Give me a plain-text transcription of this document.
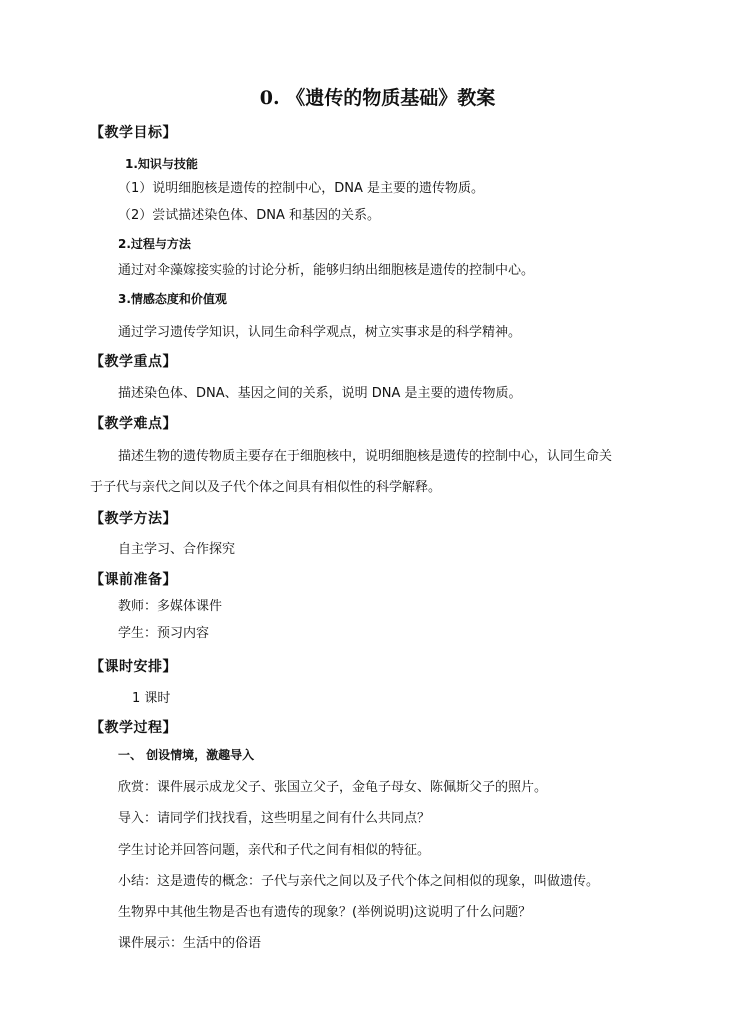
0. 《遗传的物质基础》教案
【教学目标】
1.知识与技能
（1）说明细胞核是遗传的控制中心，DNA 是主要的遗传物质。
（2）尝试描述染色体、DNA 和基因的关系。
2.过程与方法
通过对伞藻嫁接实验的讨论分析，能够归纳出细胞核是遗传的控制中心。
3.情感态度和价值观
通过学习遗传学知识，认同生命科学观点，树立实事求是的科学精神。
【教学重点】
描述染色体、DNA、基因之间的关系，说明 DNA 是主要的遗传物质。
【教学难点】
描述生物的遗传物质主要存在于细胞核中，说明细胞核是遗传的控制中心，认同生命关
于子代与亲代之间以及子代个体之间具有相似性的科学解释。
【教学方法】
自主学习、合作探究
【课前准备】
教师：多媒体课件
学生：预习内容
【课时安排】
1 课时
【教学过程】
一、 创设情境，激趣导入
欣赏：课件展示成龙父子、张国立父子，金龟子母女、陈佩斯父子的照片。
导入：请同学们找找看，这些明星之间有什么共同点？
学生讨论并回答问题，亲代和子代之间有相似的特征。
小结：这是遗传的概念：子代与亲代之间以及子代个体之间相似的现象，叫做遗传。
生物界中其他生物是否也有遗传的现象？(举例说明)这说明了什么问题？
课件展示：生活中的俗语
